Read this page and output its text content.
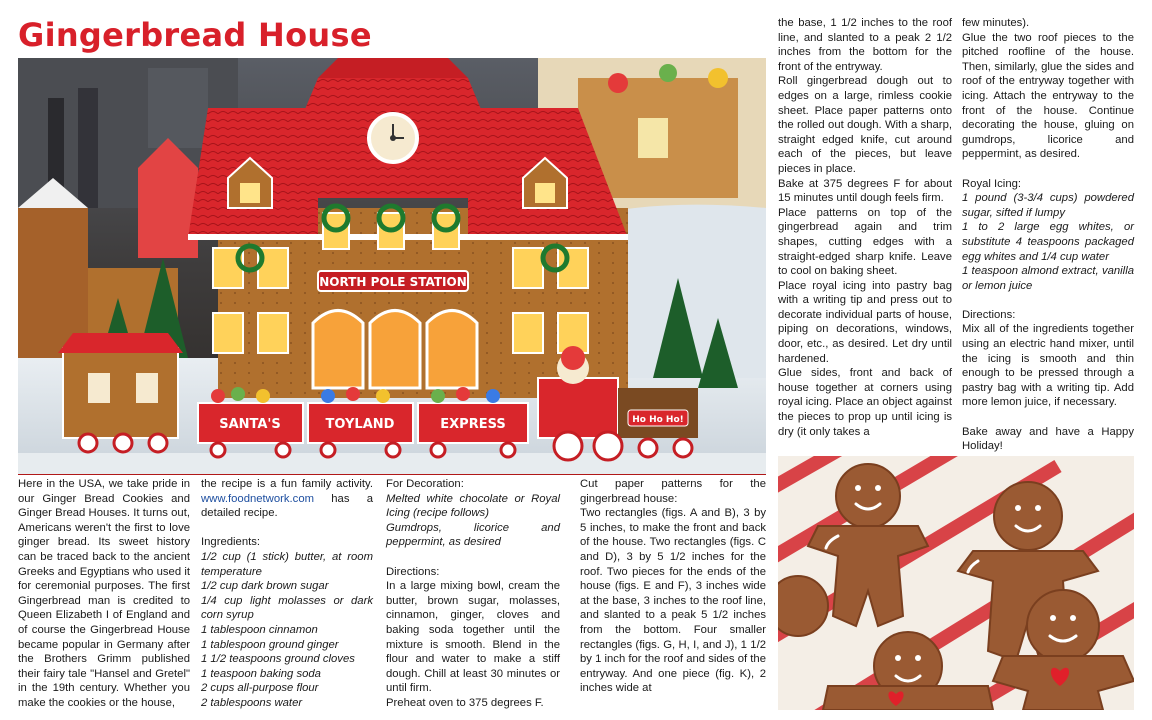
Gingerbread House
NORTH POLE STATION
SANTA'S	TOYLAND	EXPRESS	Ho Ho Ho!

Here in the USA, we take pride in our Ginger Bread Cookies and Ginger Bread Houses. It turns out, Americans weren't the first to love ginger bread. Its sweet history can be traced back to the ancient Greeks and Egyptians who used it for ceremonial purposes. The first Gingerbread man is credited to Queen Elizabeth I of England and of course the Gingerbread House became popular in Germany after the Brothers Grimm published their fairy tale "Hansel and Gretel" in the 19th century. Whether you make the cookies or the house,

the recipe is a fun family activity. www.foodnetwork.com has a detailed recipe.

Ingredients:

1/2 cup (1 stick) butter, at room temperature

1/2 cup dark brown sugar

1/4 cup light molasses or dark corn syrup

1 tablespoon cinnamon

1 tablespoon ground ginger

1 1/2 teaspoons ground cloves

1 teaspoon baking soda

2 cups all-purpose flour

2 tablespoons water

For Decoration:

Melted white chocolate or Royal Icing (recipe follows)

Gumdrops, licorice and peppermint, as desired

Directions:

In a large mixing bowl, cream the butter, brown sugar, molasses, cinnamon, ginger, cloves and baking soda together until the mixture is smooth. Blend in the flour and water to make a stiff dough. Chill at least 30 minutes or until firm.

Preheat oven to 375 degrees F.

Cut paper patterns for the gingerbread house:

Two rectangles (figs. A and B), 3 by 5 inches, to make the front and back of the house. Two rectangles (figs. C and D), 3 by 5 1/2 inches for the roof. Two pieces for the ends of the house (figs. E and F), 3 inches wide at the base, 3 inches to the roof line, and slanted to a peak 5 1/2 inches from the bottom. Four smaller rectangles (figs. G, H, I, and J), 1 1/2 by 1 inch for the roof and sides of the entryway. And one piece (fig. K), 2 inches wide at

the base, 1 1/2 inches to the roof line, and slanted to a peak 2 1/2 inches from the bottom for the front of the entryway.

Roll gingerbread dough out to edges on a large, rimless cookie sheet. Place paper patterns onto the rolled out dough. With a sharp, straight edged knife, cut around each of the pieces, but leave pieces in place.

Bake at 375 degrees F for about 15 minutes until dough feels firm.

Place patterns on top of the gingerbread again and trim shapes, cutting edges with a straight-edged sharp knife. Leave to cool on baking sheet.

Place royal icing into pastry bag with a writing tip and press out to decorate individual parts of house, piping on decorations, windows, door, etc., as desired. Let dry until hardened.

Glue sides, front and back of house together at corners using royal icing. Place an object against the pieces to prop up until icing is dry (it only takes a

few minutes).

Glue the two roof pieces to the pitched roofline of the house. Then, similarly, glue the sides and roof of the entryway together with icing. Attach the entryway to the front of the house. Continue decorating the house, gluing on gumdrops, licorice and peppermint, as desired.

Royal Icing:

1 pound (3-3/4 cups) powdered sugar, sifted if lumpy

1 to 2 large egg whites, or substitute 4 teaspoons packaged egg whites and 1/4 cup water

1 teaspoon almond extract, vanilla or lemon juice

Directions:

Mix all of the ingredients together using an electric hand mixer, until the icing is smooth and thin enough to be pressed through a pastry bag with a writing tip. Add more lemon juice, if necessary.

Bake away and have a Happy Holiday!
